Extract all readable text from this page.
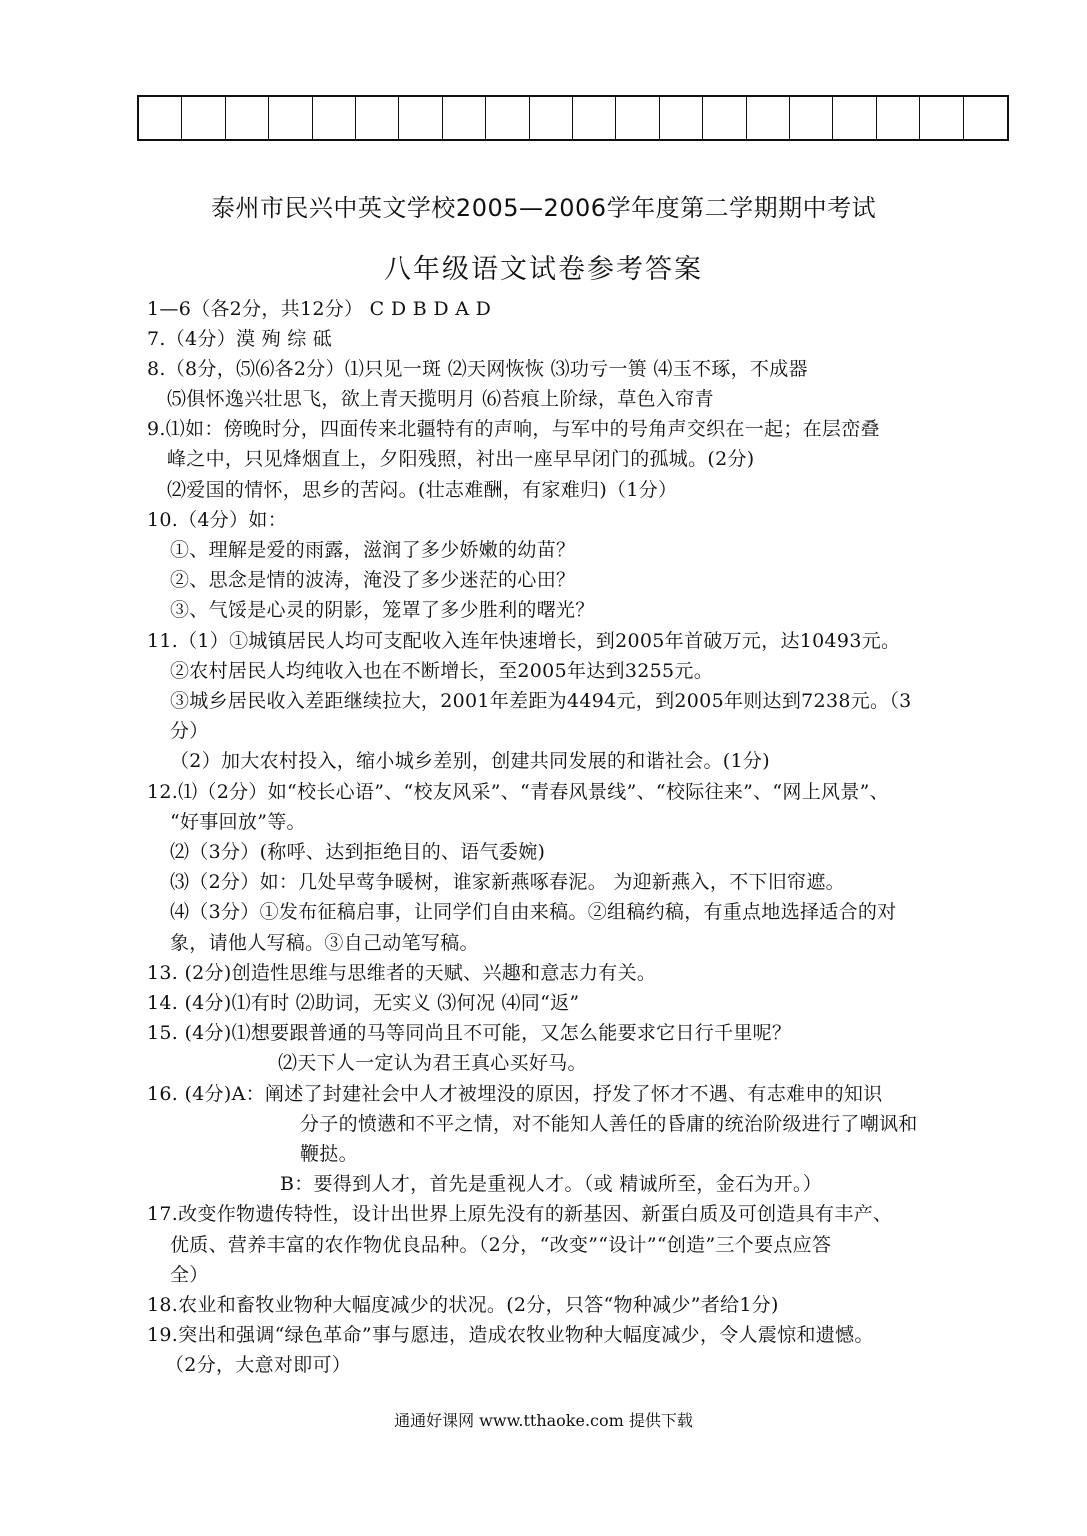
泰州市民兴中英文学校2005—2006学年度第二学期期中考试
八年级语文试卷参考答案
1—6（各2分，共12分） C D B D A D
7.（4分）漠 殉 综 砥
8.（8分，⑸⑹各2分）⑴只见一斑 ⑵天网恢恢 ⑶功亏一篑 ⑷玉不琢，不成器
⑸俱怀逸兴壮思飞，欲上青天揽明月 ⑹苔痕上阶绿，草色入帘青
9.⑴如：傍晚时分，四面传来北疆特有的声响，与军中的号角声交织在一起；在层峦叠
峰之中，只见烽烟直上，夕阳残照，衬出一座早早闭门的孤城。(2分)
⑵爱国的情怀，思乡的苦闷。(壮志难酬，有家难归)（1分）
10.（4分）如：
①、理解是爱的雨露，滋润了多少娇嫩的幼苗？
②、思念是情的波涛，淹没了多少迷茫的心田？
③、气馁是心灵的阴影，笼罩了多少胜利的曙光？
11.（1）①城镇居民人均可支配收入连年快速增长，到2005年首破万元，达10493元。
②农村居民人均纯收入也在不断增长，至2005年达到3255元。
③城乡居民收入差距继续拉大，2001年差距为4494元，到2005年则达到7238元。（3
分）
（2）加大农村投入，缩小城乡差别，创建共同发展的和谐社会。(1分)
12.⑴（2分）如“校长心语”、“校友风采”、“青春风景线”、“校际往来”、“网上风景”、
“好事回放”等。
⑵（3分）(称呼、达到拒绝目的、语气委婉)
⑶（2分）如：几处早莺争暖树，谁家新燕啄春泥。 为迎新燕入，不下旧帘遮。
⑷（3分）①发布征稿启事，让同学们自由来稿。②组稿约稿，有重点地选择适合的对
象，请他人写稿。③自己动笔写稿。
13. (2分)创造性思维与思维者的天赋、兴趣和意志力有关。
14. (4分)⑴有时 ⑵助词，无实义 ⑶何况 ⑷同“返”
15. (4分)⑴想要跟普通的马等同尚且不可能，又怎么能要求它日行千里呢？
⑵天下人一定认为君王真心买好马。
16. (4分)A：阐述了封建社会中人才被埋没的原因，抒发了怀才不遇、有志难申的知识
分子的愤懑和不平之情，对不能知人善任的昏庸的统治阶级进行了嘲讽和
鞭挞。
B：要得到人才，首先是重视人才。（或 精诚所至，金石为开。）
17.改变作物遗传特性，设计出世界上原先没有的新基因、新蛋白质及可创造具有丰产、
优质、营养丰富的农作物优良品种。（2分，“改变”“设计”“创造”三个要点应答
全）
18.农业和畜牧业物种大幅度减少的状况。(2分，只答“物种减少”者给1分)
19.突出和强调“绿色革命”事与愿违，造成农牧业物种大幅度减少，令人震惊和遗憾。
（2分，大意对即可）
通通好课网 www.tthaoke.com 提供下载
